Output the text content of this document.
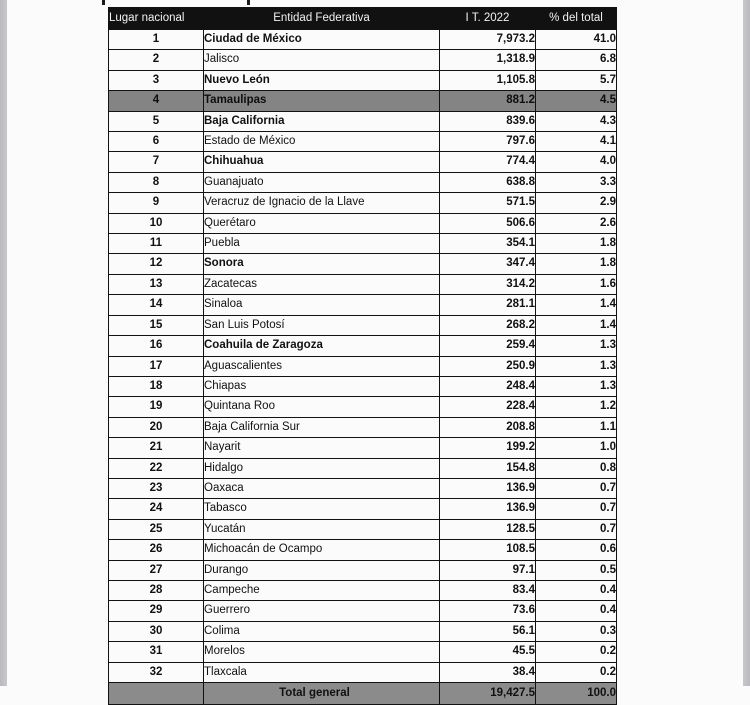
Lugar nacional	Entidad Federativa	I T. 2022	% del total
1	Ciudad de México	7,973.2	41.0
2	Jalisco	1,318.9	6.8
3	Nuevo León	1,105.8	5.7
4	Tamaulipas	881.2	4.5
5	Baja California	839.6	4.3
6	Estado de México	797.6	4.1
7	Chihuahua	774.4	4.0
8	Guanajuato	638.8	3.3
9	Veracruz de Ignacio de la Llave	571.5	2.9
10	Querétaro	506.6	2.6
11	Puebla	354.1	1.8
12	Sonora	347.4	1.8
13	Zacatecas	314.2	1.6
14	Sinaloa	281.1	1.4
15	San Luis Potosí	268.2	1.4
16	Coahuila de Zaragoza	259.4	1.3
17	Aguascalientes	250.9	1.3
18	Chiapas	248.4	1.3
19	Quintana Roo	228.4	1.2
20	Baja California Sur	208.8	1.1
21	Nayarit	199.2	1.0
22	Hidalgo	154.8	0.8
23	Oaxaca	136.9	0.7
24	Tabasco	136.9	0.7
25	Yucatán	128.5	0.7
26	Michoacán de Ocampo	108.5	0.6
27	Durango	97.1	0.5
28	Campeche	83.4	0.4
29	Guerrero	73.6	0.4
30	Colima	56.1	0.3
31	Morelos	45.5	0.2
32	Tlaxcala	38.4	0.2
	Total general	19,427.5	100.0
